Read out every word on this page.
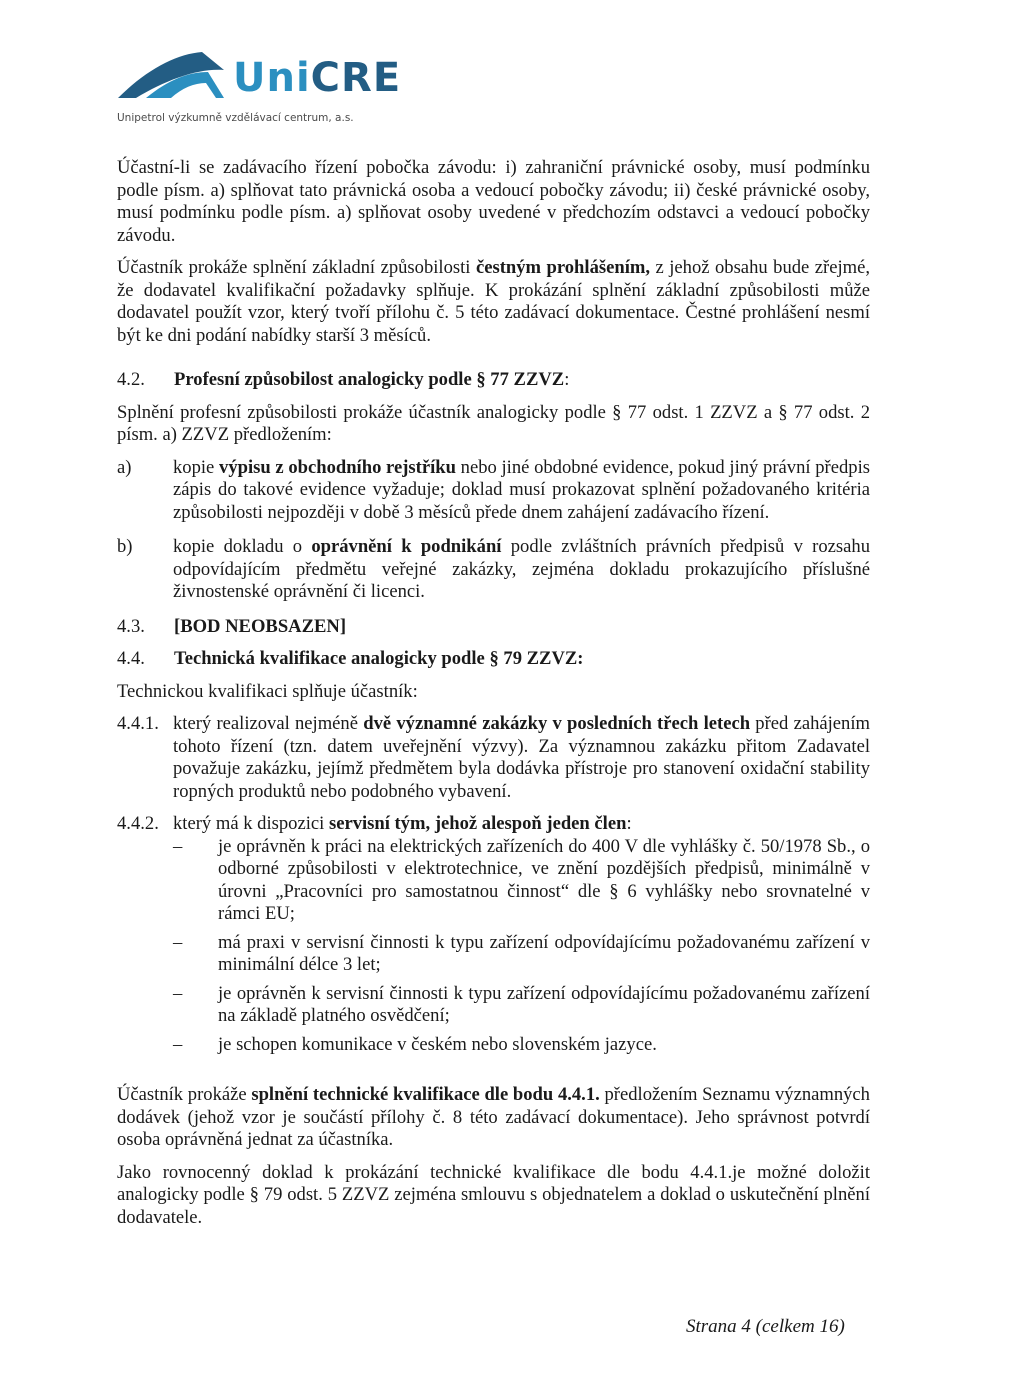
UniCRE
Unipetrol výzkumně vzdělávací centrum, a.s.

Účastní-li se zadávacího řízení pobočka závodu: i) zahraniční právnické osoby, musí podmínku podle písm. a) splňovat tato právnická osoba a vedoucí pobočky závodu; ii) české právnické osoby, musí podmínku podle písm. a) splňovat osoby uvedené v předchozím odstavci a vedoucí pobočky závodu.

Účastník prokáže splnění základní způsobilosti čestným prohlášením, z jehož obsahu bude zřejmé, že dodavatel kvalifikační požadavky splňuje. K prokázání splnění základní způsobilosti může dodavatel použít vzor, který tvoří přílohu č. 5 této zadávací dokumentace. Čestné prohlášení nesmí být ke dni podání nabídky starší 3 měsíců.

4.2.	Profesní způsobilost analogicky podle § 77 ZZVZ:

Splnění profesní způsobilosti prokáže účastník analogicky podle § 77 odst. 1 ZZVZ a § 77 odst. 2 písm. a) ZZVZ předložením:

a)	kopie výpisu z obchodního rejstříku nebo jiné obdobné evidence, pokud jiný právní předpis zápis do takové evidence vyžaduje; doklad musí prokazovat splnění požadovaného kritéria způsobilosti nejpozději v době 3 měsíců přede dnem zahájení zadávacího řízení.
b)	kopie dokladu o oprávnění k podnikání podle zvláštních právních předpisů v rozsahu odpovídajícím předmětu veřejné zakázky, zejména dokladu prokazujícího příslušné živnostenské oprávnění či licenci.
4.3.	[BOD NEOBSAZEN]
4.4.	Technická kvalifikace analogicky podle § 79 ZZVZ:

Technickou kvalifikaci splňuje účastník:

4.4.1. který realizoval nejméně dvě významné zakázky v posledních třech letech před zahájením tohoto řízení (tzn. datem uveřejnění výzvy). Za významnou zakázku přitom Zadavatel považuje zakázku, jejímž předmětem byla dodávka přístroje pro stanovení oxidační stability ropných produktů nebo podobného vybavení.
4.4.2. který má k dispozici servisní tým, jehož alespoň jeden člen:
– je oprávněn k práci na elektrických zařízeních do 400 V dle vyhlášky č. 50/1978 Sb., o odborné způsobilosti v elektrotechnice, ve znění pozdějších předpisů, minimálně v úrovni „Pracovníci pro samostatnou činnost“ dle § 6 vyhlášky nebo srovnatelné v rámci EU;
– má praxi v servisní činnosti k typu zařízení odpovídajícímu požadovanému zařízení v minimální délce 3 let;
– je oprávněn k servisní činnosti k typu zařízení odpovídajícímu požadovanému zařízení na základě platného osvědčení;
– je schopen komunikace v českém nebo slovenském jazyce.

Účastník prokáže splnění technické kvalifikace dle bodu 4.4.1. předložením Seznamu významných dodávek (jehož vzor je součástí přílohy č. 8 této zadávací dokumentace). Jeho správnost potvrdí osoba oprávněná jednat za účastníka.

Jako rovnocenný doklad k prokázání technické kvalifikace dle bodu 4.4.1.je možné doložit analogicky podle § 79 odst. 5 ZZVZ zejména smlouvu s objednatelem a doklad o uskutečnění plnění dodavatele.

Strana 4 (celkem 16)
